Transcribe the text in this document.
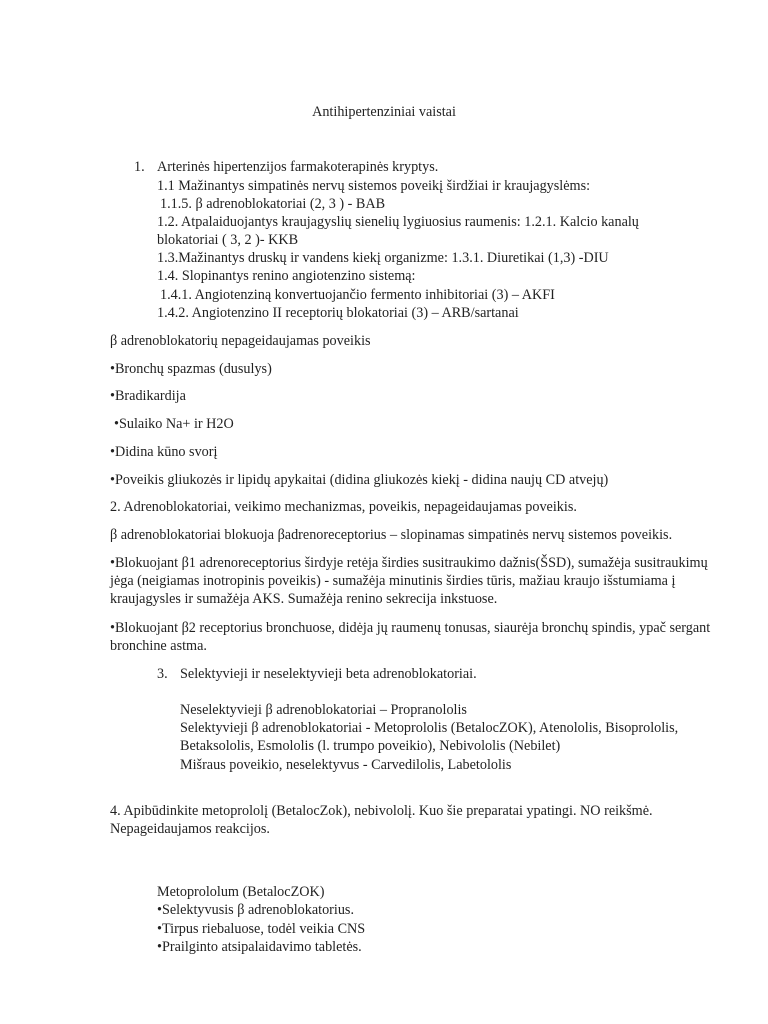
Antihipertenziniai vaistai
1. Arterinės hipertenzijos farmakoterapinės kryptys.
1.1 Mažinantys simpatinės nervų sistemos poveikį širdžiai ir kraujagyslėms:
1.1.5. β adrenoblokatoriai (2, 3 ) - BAB
1.2. Atpalaiduojantys kraujagyslių sienelių lygiuosius raumenis: 1.2.1. Kalcio kanalų
blokatoriai ( 3, 2 )- KKB
1.3.Mažinantys druskų ir vandens kiekį organizme: 1.3.1. Diuretikai (1,3) -DIU
1.4. Slopinantys renino angiotenzino sistemą:
1.4.1. Angiotenziną konvertuojančio fermento inhibitoriai (3) – AKFI
1.4.2. Angiotenzino II receptorių blokatoriai (3) – ARB/sartanai
β adrenoblokatorių nepageidaujamas poveikis
•Bronchų spazmas (dusulys)
•Bradikardija
•Sulaiko Na+ ir H2O
•Didina kūno svorį
•Poveikis gliukozės ir lipidų apykaitai (didina gliukozės kiekį - didina naujų CD atvejų)
2. Adrenoblokatoriai, veikimo mechanizmas, poveikis, nepageidaujamas poveikis.
β adrenoblokatoriai blokuoja βadrenoreceptorius – slopinamas simpatinės nervų sistemos poveikis.
•Blokuojant β1 adrenoreceptorius širdyje retėja širdies susitraukimo dažnis(ŠSD), sumažėja susitraukimų jėga (neigiamas inotropinis poveikis) - sumažėja minutinis širdies tūris, mažiau kraujo išstumiama į kraujagysles ir sumažėja AKS. Sumažėja renino sekrecija inkstuose.
•Blokuojant β2 receptorius bronchuose, didėja jų raumenų tonusas, siaurėja bronchų spindis, ypač sergant bronchine astma.
3. Selektyvieji ir neselektyvieji beta adrenoblokatoriai.
Neselektyvieji β adrenoblokatoriai – Propranololis
Selektyvieji β adrenoblokatoriai - Metoprololis (BetalocZOK), Atenololis, Bisoprololis, Betaksololis, Esmololis (l. trumpo poveikio), Nebivololis (Nebilet)
Mišraus poveikio, neselektyvus - Carvedilolis, Labetololis
4. Apibūdinkite metoprololį (BetalocZok), nebivololį. Kuo šie preparatai ypatingi. NO reikšmė. Nepageidaujamos reakcijos.
Metoprololum (BetalocZOK)
•Selektyvusis β adrenoblokatorius.
•Tirpus riebaluose, todėl veikia CNS
•Prailginto atsipalaidavimo tabletės.
